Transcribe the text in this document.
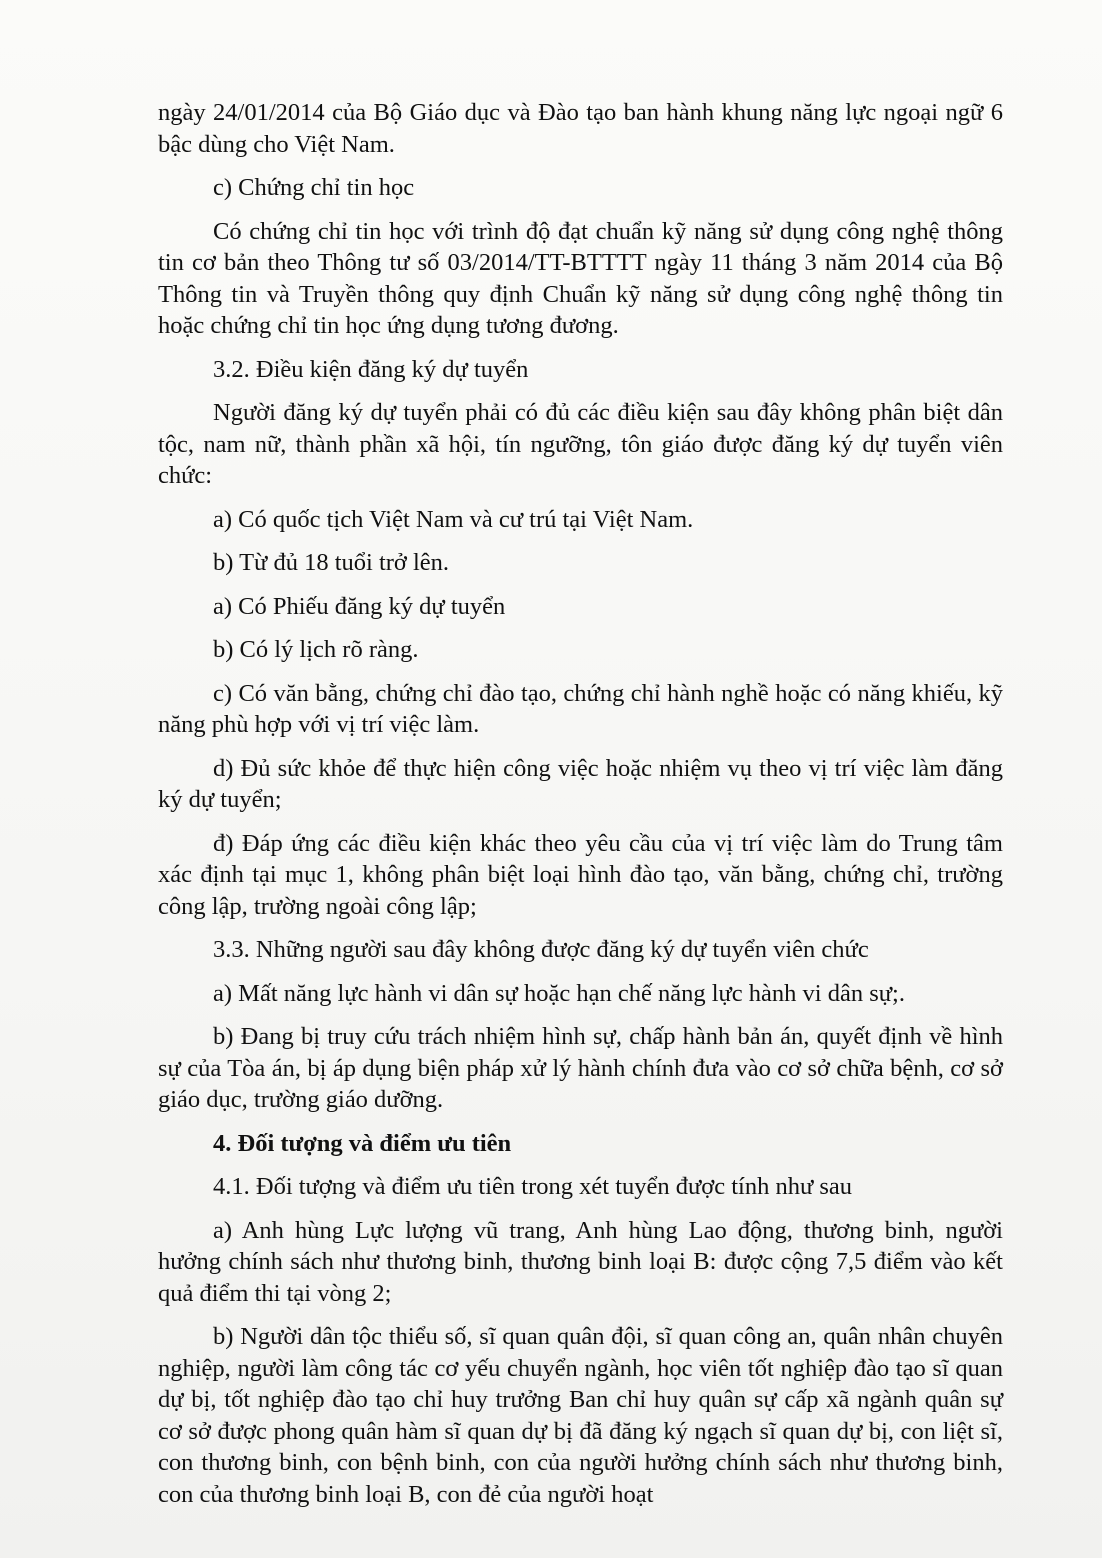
ngày 24/01/2014 của Bộ Giáo dục và Đào tạo ban hành khung năng lực ngoại ngữ 6 bậc dùng cho Việt Nam.

c) Chứng chỉ tin học

Có chứng chỉ tin học với trình độ đạt chuẩn kỹ năng sử dụng công nghệ thông tin cơ bản theo Thông tư số 03/2014/TT-BTTTT ngày 11 tháng 3 năm 2014 của Bộ Thông tin và Truyền thông quy định Chuẩn kỹ năng sử dụng công nghệ thông tin hoặc chứng chỉ tin học ứng dụng tương đương.

3.2. Điều kiện đăng ký dự tuyển

Người đăng ký dự tuyển phải có đủ các điều kiện sau đây không phân biệt dân tộc, nam nữ, thành phần xã hội, tín ngưỡng, tôn giáo được đăng ký dự tuyển viên chức:

a) Có quốc tịch Việt Nam và cư trú tại Việt Nam.

b) Từ đủ 18 tuổi trở lên.

a) Có Phiếu đăng ký dự tuyển

b) Có lý lịch rõ ràng.

c) Có văn bằng, chứng chỉ đào tạo, chứng chỉ hành nghề hoặc có năng khiếu, kỹ năng phù hợp với vị trí việc làm.

d) Đủ sức khỏe để thực hiện công việc hoặc nhiệm vụ theo vị trí việc làm đăng ký dự tuyển;

đ) Đáp ứng các điều kiện khác theo yêu cầu của vị trí việc làm do Trung tâm xác định tại mục 1, không phân biệt loại hình đào tạo, văn bằng, chứng chỉ, trường công lập, trường ngoài công lập;

3.3. Những người sau đây không được đăng ký dự tuyển viên chức

a) Mất năng lực hành vi dân sự hoặc hạn chế năng lực hành vi dân sự;.

b) Đang bị truy cứu trách nhiệm hình sự, chấp hành bản án, quyết định về hình sự của Tòa án, bị áp dụng biện pháp xử lý hành chính đưa vào cơ sở chữa bệnh, cơ sở giáo dục, trường giáo dưỡng.

4. Đối tượng và điểm ưu tiên

4.1. Đối tượng và điểm ưu tiên trong xét tuyển được tính như sau

a) Anh hùng Lực lượng vũ trang, Anh hùng Lao động, thương binh, người hưởng chính sách như thương binh, thương binh loại B: được cộng 7,5 điểm vào kết quả điểm thi tại vòng 2;

b) Người dân tộc thiểu số, sĩ quan quân đội, sĩ quan công an, quân nhân chuyên nghiệp, người làm công tác cơ yếu chuyển ngành, học viên tốt nghiệp đào tạo sĩ quan dự bị, tốt nghiệp đào tạo chỉ huy trưởng Ban chỉ huy quân sự cấp xã ngành quân sự cơ sở được phong quân hàm sĩ quan dự bị đã đăng ký ngạch sĩ quan dự bị, con liệt sĩ, con thương binh, con bệnh binh, con của người hưởng chính sách như thương binh, con của thương binh loại B, con đẻ của người hoạt
